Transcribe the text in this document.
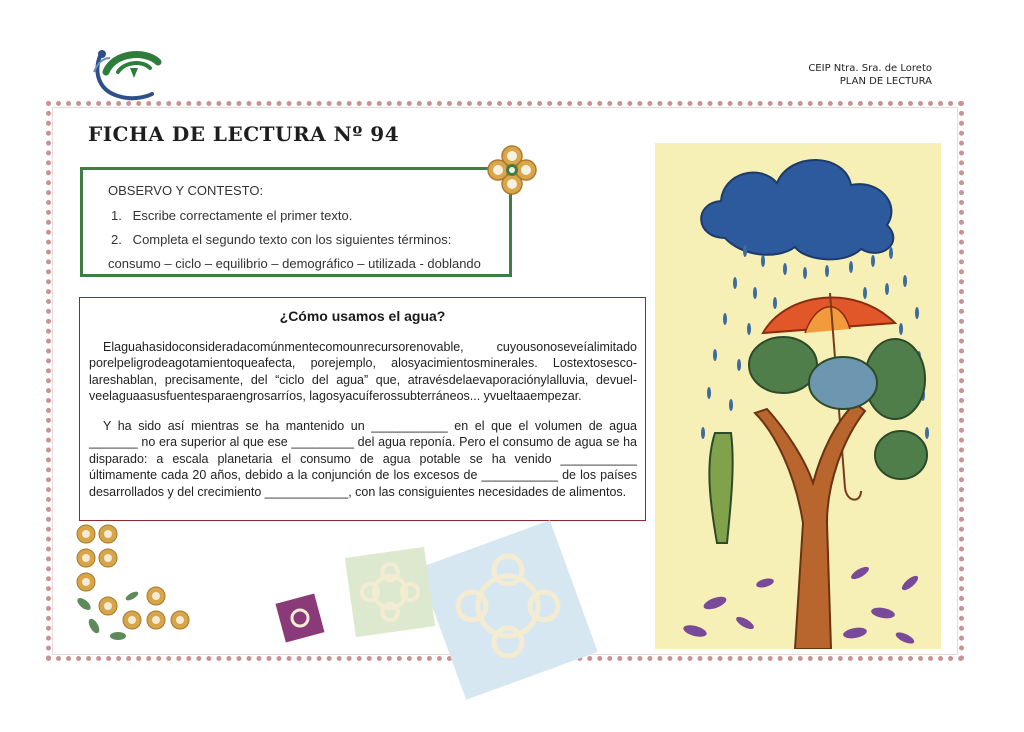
CEIP Ntra. Sra. de Loreto
PLAN DE LECTURA
FICHA DE LECTURA Nº 94
OBSERVO Y CONTESTO:
1.   Escribe correctamente el primer texto.
2.   Completa el segundo texto con los siguientes términos:
consumo – ciclo – equilibrio – demográfico – utilizada - doblando
¿Cómo usamos el agua?
Elaguahasidoconsideradacomúnmentecomounrecursorenovable, cuyousonoseveíalimitado porelpeligrodeagotamientoqueafecta, porejemplo, alosyacimientosminerales. Lostextosescolareshablan, precisamente, del “ciclo del agua” que, atravésdelaevaporaciónylalluvia, devuelveelaguaasusfuentesparaengrosarríos, lagosyacuíferossubterráneos... yvueltaaempezar.
Y ha sido así mientras se ha mantenido un ___________ en el que el volumen de agua _______ no era superior al que ese _________ del agua reponía. Pero el consumo de agua se ha disparado: a escala planetaria el consumo de agua potable se ha venido ___________ últimamente cada 20 años, debido a la conjunción de los excesos de ___________ de los países desarrollados y del crecimiento ____________, con las consiguientes necesidades de alimentos.
